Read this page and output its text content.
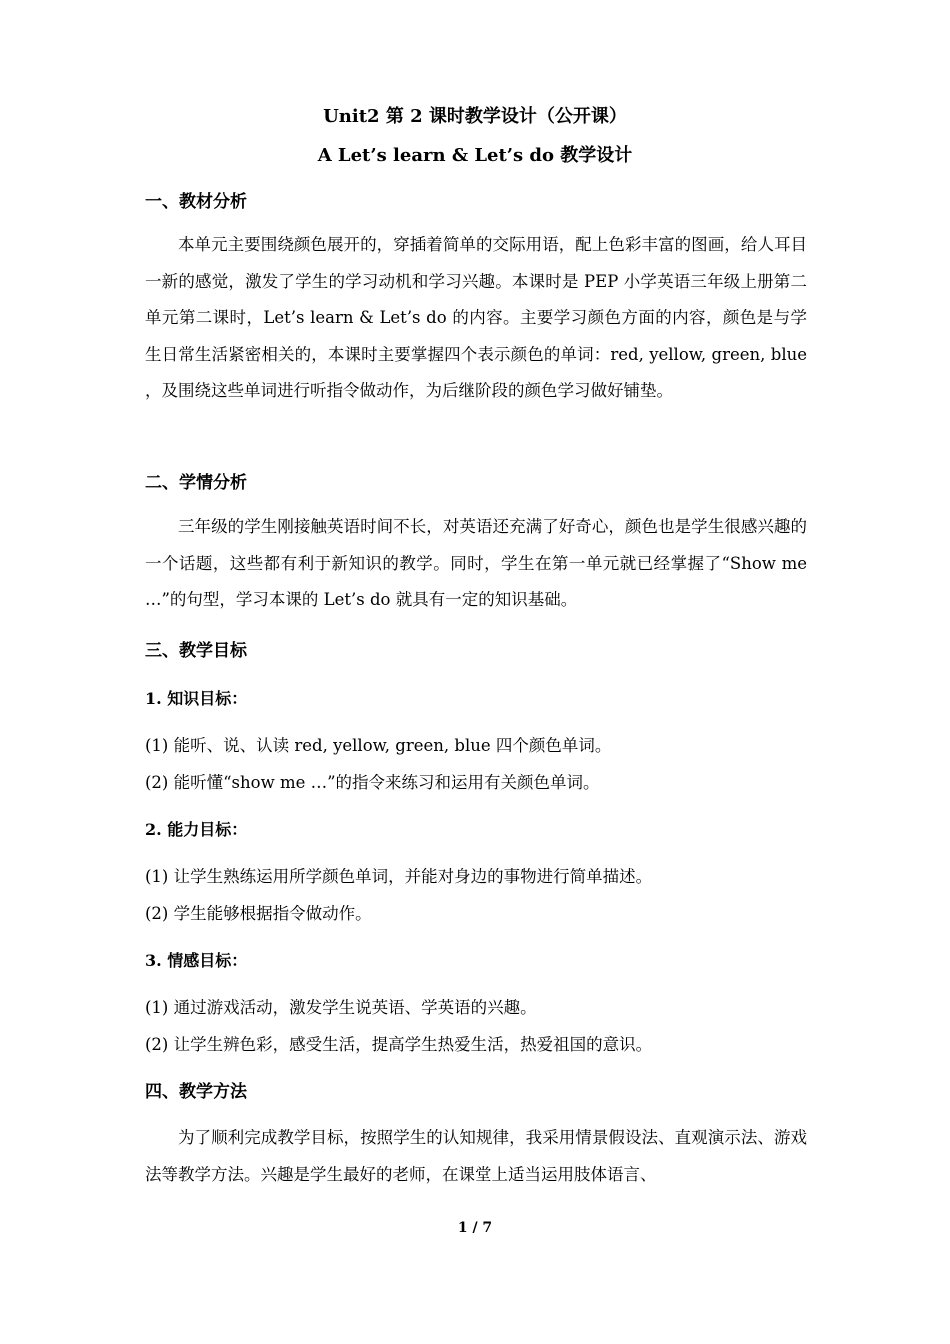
Unit2 第 2 课时教学设计（公开课）
A Let’s learn & Let’s do 教学设计
一、教材分析

本单元主要围绕颜色展开的，穿插着简单的交际用语，配上色彩丰富的图画，给人耳目一新的感觉，激发了学生的学习动机和学习兴趣。本课时是 PEP 小学英语三年级上册第二单元第二课时，Let’s learn & Let’s do 的内容。主要学习颜色方面的内容，颜色是与学生日常生活紧密相关的，本课时主要掌握四个表示颜色的单词：red, yellow, green, blue ，及围绕这些单词进行听指令做动作，为后继阶段的颜色学习做好铺垫。

二、学情分析

三年级的学生刚接触英语时间不长，对英语还充满了好奇心，颜色也是学生很感兴趣的一个话题，这些都有利于新知识的教学。同时，学生在第一单元就已经掌握了“Show me …”的句型，学习本课的 Let’s do 就具有一定的知识基础。

三、教学目标
1. 知识目标：
(1) 能听、说、认读 red, yellow, green, blue 四个颜色单词。
(2) 能听懂“show me …”的指令来练习和运用有关颜色单词。
2. 能力目标：
(1) 让学生熟练运用所学颜色单词，并能对身边的事物进行简单描述。
(2) 学生能够根据指令做动作。
3. 情感目标：
(1) 通过游戏活动，激发学生说英语、学英语的兴趣。
(2) 让学生辨色彩，感受生活，提高学生热爱生活，热爱祖国的意识。
四、教学方法

为了顺利完成教学目标，按照学生的认知规律，我采用情景假设法、直观演示法、游戏法等教学方法。兴趣是学生最好的老师，在课堂上适当运用肢体语言、

1 / 7
